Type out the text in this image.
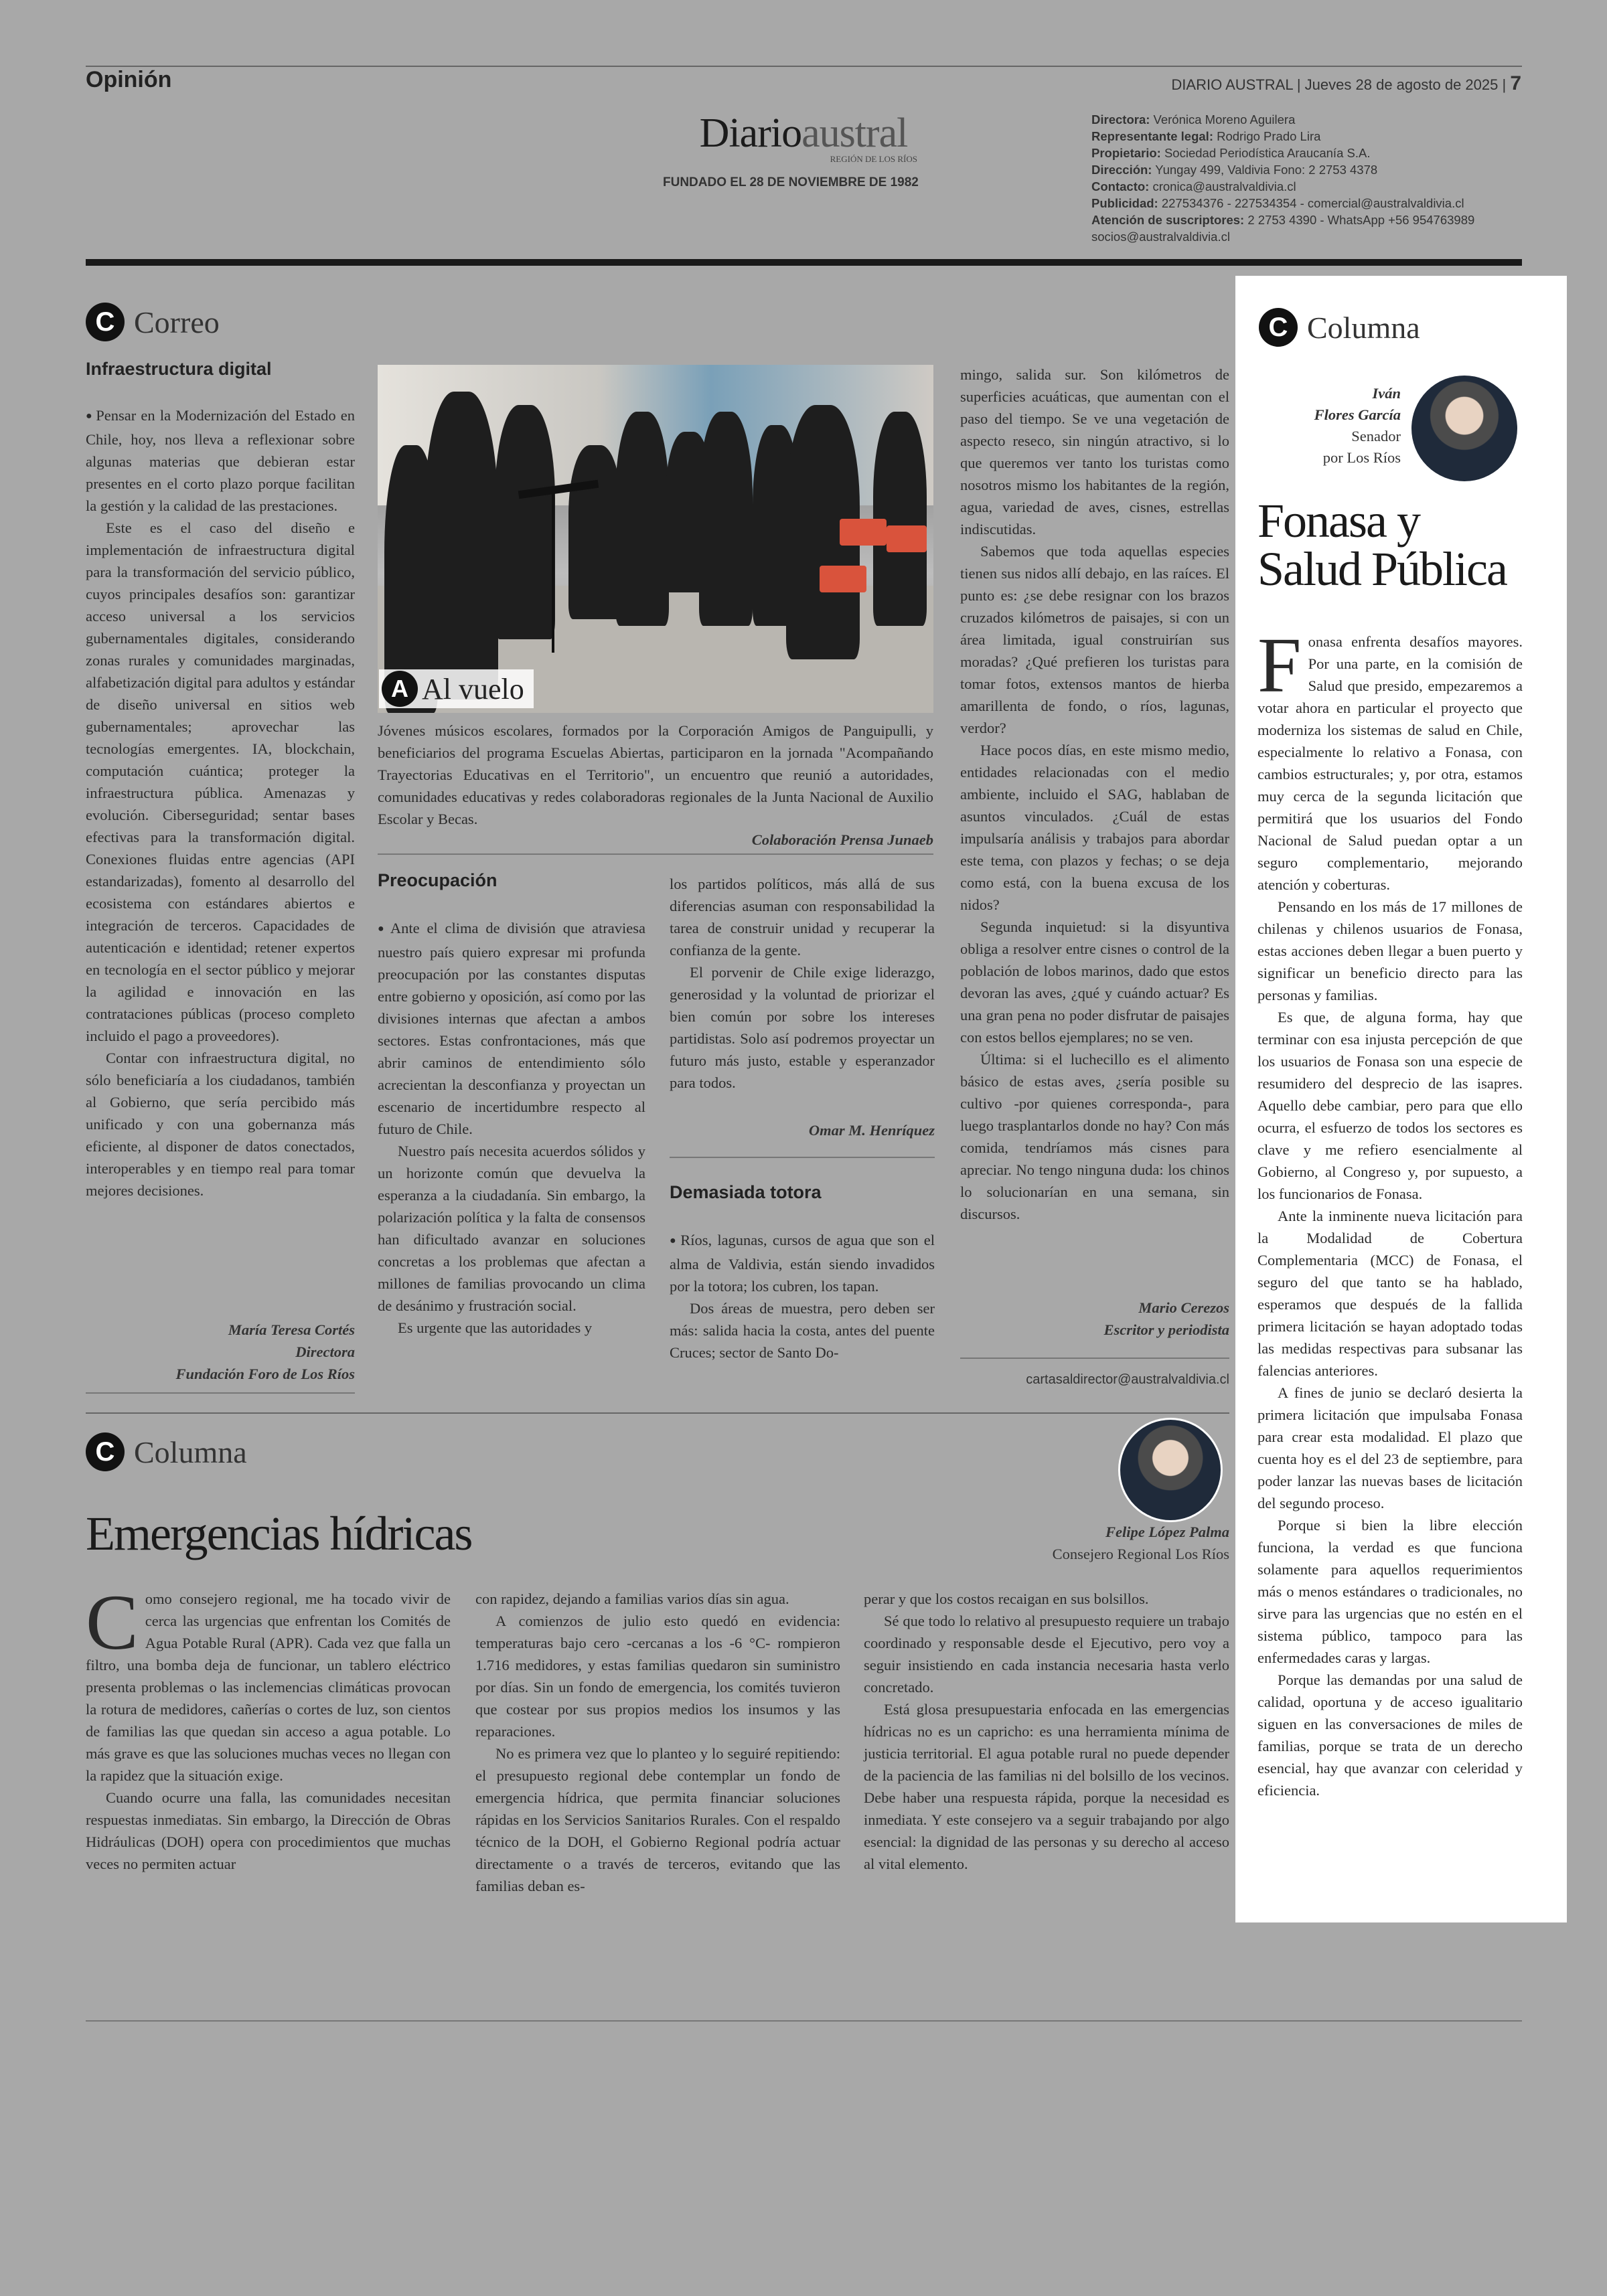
Opinión	DIARIO AUSTRAL | Jueves 28 de agosto de 2025 | 7
Diarioaustral
REGIÓN DE LOS RÍOS
FUNDADO EL 28 DE NOVIEMBRE DE 1982
Directora: Verónica Moreno Aguilera
Representante legal: Rodrigo Prado Lira
Propietario: Sociedad Periodística Araucanía S.A.
Dirección: Yungay 499, Valdivia Fono: 2 2753 4378
Contacto: cronica@australvaldivia.cl
Publicidad: 227534376 - 227534354 - comercial@australvaldivia.cl
Atención de suscriptores: 2 2753 4390 - WhatsApp +56 954763989
socios@australvaldivia.cl
C Correo
Infraestructura digital

● Pensar en la Modernización del Estado en Chile, hoy, nos lleva a reflexionar sobre algunas materias que debieran estar presentes en el corto plazo porque facilitan la gestión y la calidad de las prestaciones.

Este es el caso del diseño e implementación de infraestructura digital para la transformación del servicio público, cuyos principales desafíos son: garantizar acceso universal a los servicios gubernamentales digitales, considerando zonas rurales y comunidades marginadas, alfabetización digital para adultos y estándar de diseño universal en sitios web gubernamentales; aprovechar las tecnologías emergentes. IA, blockchain, computación cuántica; proteger la infraestructura pública. Amenazas y evolución. Ciberseguridad; sentar bases efectivas para la transformación digital. Conexiones fluidas entre agencias (API estandarizadas), fomento al desarrollo del ecosistema con estándares abiertos e integración de terceros. Capacidades de autenticación e identidad; retener expertos en tecnología en el sector público y mejorar la agilidad e innovación en las contrataciones públicas (proceso completo incluido el pago a proveedores).

Contar con infraestructura digital, no sólo beneficiaría a los ciudadanos, también al Gobierno, que sería percibido más unificado y con una gobernanza más eficiente, al disponer de datos conectados, interoperables y en tiempo real para tomar mejores decisiones.

María Teresa Cortés
Directora
Fundación Foro de Los Ríos
A Al vuelo
Jóvenes músicos escolares, formados por la Corporación Amigos de Panguipulli, y beneficiarios del programa Escuelas Abiertas, participaron en la jornada "Acompañando Trayectorias Educativas en el Territorio", un encuentro que reunió a autoridades, comunidades educativas y redes colaboradoras regionales de la Junta Nacional de Auxilio Escolar y Becas.
Colaboración Prensa Junaeb
Preocupación

● Ante el clima de división que atraviesa nuestro país quiero expresar mi profunda preocupación por las constantes disputas entre gobierno y oposición, así como por las divisiones internas que afectan a ambos sectores. Estas confrontaciones, más que abrir caminos de entendimiento sólo acrecientan la desconfianza y proyectan un escenario de incertidumbre respecto al futuro de Chile.

Nuestro país necesita acuerdos sólidos y un horizonte común que devuelva la esperanza a la ciudadanía. Sin embargo, la polarización política y la falta de consensos han dificultado avanzar en soluciones concretas a los problemas que afectan a millones de familias provocando un clima de desánimo y frustración social.

Es urgente que las autoridades y

los partidos políticos, más allá de sus diferencias asuman con responsabilidad la tarea de construir unidad y recuperar la confianza de la gente.

El porvenir de Chile exige liderazgo, generosidad y la voluntad de priorizar el bien común por sobre los intereses partidistas. Solo así podremos proyectar un futuro más justo, estable y esperanzador para todos.

Omar M. Henríquez
Demasiada totora

● Ríos, lagunas, cursos de agua que son el alma de Valdivia, están siendo invadidos por la totora; los cubren, los tapan.

Dos áreas de muestra, pero deben ser más: salida hacia la costa, antes del puente Cruces; sector de Santo Do-

mingo, salida sur. Son kilómetros de superficies acuáticas, que aumentan con el paso del tiempo. Se ve una vegetación de aspecto reseco, sin ningún atractivo, si lo que queremos ver tanto los turistas como nosotros mismo los habitantes de la región, agua, variedad de aves, cisnes, estrellas indiscutidas.

Sabemos que toda aquellas especies tienen sus nidos allí debajo, en las raíces. El punto es: ¿se debe resignar con los brazos cruzados kilómetros de paisajes, si con un área limitada, igual construirían sus moradas? ¿Qué prefieren los turistas para tomar fotos, extensos mantos de hierba amarillenta de fondo, o ríos, lagunas, verdor?

Hace pocos días, en este mismo medio, entidades relacionadas con el medio ambiente, incluido el SAG, hablaban de asuntos vinculados. ¿Cuál de estas impulsaría análisis y trabajos para abordar este tema, con plazos y fechas; o se deja como está, con la buena excusa de los nidos?

Segunda inquietud: si la disyuntiva obliga a resolver entre cisnes o control de la población de lobos marinos, dado que estos devoran las aves, ¿qué y cuándo actuar? Es una gran pena no poder disfrutar de paisajes con estos bellos ejemplares; no se ven.

Última: si el luchecillo es el alimento básico de estas aves, ¿sería posible su cultivo -por quienes corresponda-, para luego trasplantarlos donde no hay? Con más comida, tendríamos más cisnes para apreciar. No tengo ninguna duda: los chinos lo solucionarían en una semana, sin discursos.

Mario Cerezos
Escritor y periodista
cartasaldirector@australvaldivia.cl
C Columna
Iván
Flores García
Senador
por Los Ríos
Fonasa y
Salud Pública
F onasa enfrenta desafíos mayores. Por una parte, en la comisión de Salud que presido, empezaremos a votar ahora en particular el proyecto que moderniza los sistemas de salud en Chile, especialmente lo relativo a Fonasa, con cambios estructurales; y, por otra, estamos muy cerca de la segunda licitación que permitirá que los usuarios del Fondo Nacional de Salud puedan optar a un seguro complementario, mejorando atención y coberturas.

Pensando en los más de 17 millones de chilenas y chilenos usuarios de Fonasa, estas acciones deben llegar a buen puerto y significar un beneficio directo para las personas y familias.

Es que, de alguna forma, hay que terminar con esa injusta percepción de que los usuarios de Fonasa son una especie de resumidero del desprecio de las isapres. Aquello debe cambiar, pero para que ello ocurra, el esfuerzo de todos los sectores es clave y me refiero esencialmente al Gobierno, al Congreso y, por supuesto, a los funcionarios de Fonasa.

Ante la inminente nueva licitación para la Modalidad de Cobertura Complementaria (MCC) de Fonasa, el seguro del que tanto se ha hablado, esperamos que después de la fallida primera licitación se hayan adoptado todas las medidas respectivas para subsanar las falencias anteriores.

A fines de junio se declaró desierta la primera licitación que impulsaba Fonasa para crear esta modalidad. El plazo que cuenta hoy es el del 23 de septiembre, para poder lanzar las nuevas bases de licitación del segundo proceso.

Porque si bien la libre elección funciona, la verdad es que funciona solamente para aquellos requerimientos más o menos estándares o tradicionales, no sirve para las urgencias que no estén en el sistema público, tampoco para las enfermedades caras y largas.

Porque las demandas por una salud de calidad, oportuna y de acceso igualitario siguen en las conversaciones de miles de familias, porque se trata de un derecho esencial, hay que avanzar con celeridad y eficiencia.

C Columna
Emergencias hídricas	Felipe López Palma
Consejero Regional Los Ríos
C omo consejero regional, me ha tocado vivir de cerca las urgencias que enfrentan los Comités de Agua Potable Rural (APR). Cada vez que falla un filtro, una bomba deja de funcionar, un tablero eléctrico presenta problemas o las inclemencias climáticas provocan la rotura de medidores, cañerías o cortes de luz, son cientos de familias las que quedan sin acceso a agua potable. Lo más grave es que las soluciones muchas veces no llegan con la rapidez que la situación exige.

Cuando ocurre una falla, las comunidades necesitan respuestas inmediatas. Sin embargo, la Dirección de Obras Hidráulicas (DOH) opera con procedimientos que muchas veces no permiten actuar

con rapidez, dejando a familias varios días sin agua.

A comienzos de julio esto quedó en evidencia: temperaturas bajo cero -cercanas a los -6 °C- rompieron 1.716 medidores, y estas familias quedaron sin suministro por días. Sin un fondo de emergencia, los comités tuvieron que costear por sus propios medios los insumos y las reparaciones.

No es primera vez que lo planteo y lo seguiré repitiendo: el presupuesto regional debe contemplar un fondo de emergencia hídrica, que permita financiar soluciones rápidas en los Servicios Sanitarios Rurales. Con el respaldo técnico de la DOH, el Gobierno Regional podría actuar directamente o a través de terceros, evitando que las familias deban es-

perar y que los costos recaigan en sus bolsillos.

Sé que todo lo relativo al presupuesto requiere un trabajo coordinado y responsable desde el Ejecutivo, pero voy a seguir insistiendo en cada instancia necesaria hasta verlo concretado.

Está glosa presupuestaria enfocada en las emergencias hídricas no es un capricho: es una herramienta mínima de justicia territorial. El agua potable rural no puede depender de la paciencia de las familias ni del bolsillo de los vecinos. Debe haber una respuesta rápida, porque la necesidad es inmediata. Y este consejero va a seguir trabajando por algo esencial: la dignidad de las personas y su derecho al acceso al vital elemento.
